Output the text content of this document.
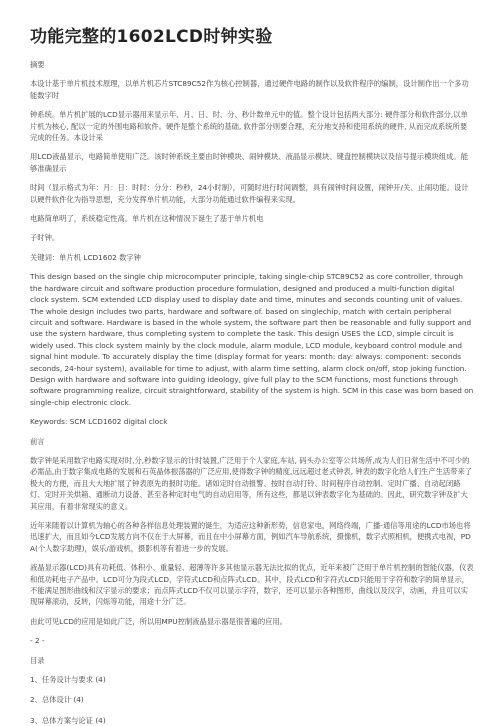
功能完整的1602LCD时钟实验

摘要

本设计基于单片机技术原理，以单片机芯片STC89C52作为核心控制器，通过硬件电路的制作以及软件程序的编制，设计制作出一个多功能数字时

钟系统。单片机扩展的LCD显示器用来显示年、月、日、时、分、秒计数单元中的值。整个设计包括两大部分: 硬件部分和软件部分,以单片机为核心, 配以一定的外围电路和软件。硬件是整个系统的基础, 软件部分则要合理，充分地支持和使用系统的硬件, 从而完成系统所要完成的任务。本设计采

用LCD液晶显示，电路简单使用广泛。该时钟系统主要由时钟模块、闹钟模块、液晶显示模块、键盘控制模块以及信号提示模块组成。能够准确显示

时间（显示格式为年：月：日：时时：分分：秒秒，24小时制），可随时进行时间调整，具有闹钟时间设置，闹钟开/关、止闹功能。设计以硬件软件化为指导思想，充分发挥单片机功能，大部分功能通过软件编程来实现。

电路简单明了，系统稳定性高。单片机在这种情况下诞生了基于单片机电

子时钟。

关键词：单片机 LCD1602 数字钟

This design based on the single chip microcomputer principle, taking single-chip STC89C52 as core controller, through the hardware circuit and software production procedure formulation, designed and produced a multi-function digital clock system. SCM extended LCD display used to display date and time, minutes and seconds counting unit of values. The whole design includes two parts, hardware and software of. based on singlechip, match with certain peripheral circuit and software. Hardware is based in the whole system, the software part then be reasonable and fully support and use the system hardware, thus completing system to complete the task. This design USES the LCD, simple circuit is widely used. This clock system mainly by the clock module, alarm module, LCD module, keyboard control module and signal hint module. To accurately display the time (display format for years: month: day: always: component: seconds seconds, 24-hour system), available for time to adjust, with alarm time setting, alarm clock on/off, stop joking function. Design with hardware and software into guiding ideology, give full play to the SCM functions, most functions through software programming realize, circuit straightforward, stability of the system is high. SCM in this case was born based on single-chip electronic clock.

Keywords: SCM LCD1602 digital clock

前言

数字钟是采用数字电路实现对时,分,秒数字显示的计时装置,广泛用于个人家庭,车站, 码头办公室等公共场所,成为人们日常生活中不可少的必需品,由于数字集成电路的发展和石英晶体振荡器的广泛应用,使得数字钟的精度,远远超过老式钟表, 钟表的数字化给人们生产生活带来了极大的方便，而且大大地扩展了钟表原先的报时功能。诸如定时自动报警、按时自动打铃、时间程序自动控制、定时广播、自动起闭路灯、定时开关烘箱、通断动力设备、甚至各种定时电气的自动启用等，所有这些，都是以钟表数字化为基础的。因此，研究数字钟及扩大其应用，有着非常现实的意义。

近年来随着以计算机为轴心的各种各样信息处理装置的诞生，为适应这种新形势，信息家电，网络终端，广播-通信等用途的LCD市场也将迅速扩大，而且如今LCD发展方向不仅在于大屏幕，而且在中小屏幕方面，例如汽车导航系统，摄像机，数字式照相机，便携式电视，PDA(个人数字助理)，娱乐/游戏机，摄影机等有着进一步的发展。

液晶显示器(LCD)具有功耗低、体积小、重量轻、超薄等许多其他显示器无法比拟的优点，近年来被广泛用于单片机控制的智能仪器，仪表和低功耗电子产品中。LCD可分为段式LCD、字符式LCD和点阵式LCD。其中，段式LCD和字符式LCD只能用于字符和数字的简单显示，不能满足图形曲线和汉字显示的要求；而点阵式LCD不仅可以显示字符，数字，还可以显示各种图形，曲线以及汉字，动画，并且可以实现屏幕滚动，反转，闪烁等功能，用途十分广泛。

由此可见LCD的应用是如此广泛，所以用MPU控制液晶显示器是很普遍的应用。

- 2 -

目录

1、任务设计与要求 (4)

2、总体设计 (4)

3、总体方案与论证 (4)
